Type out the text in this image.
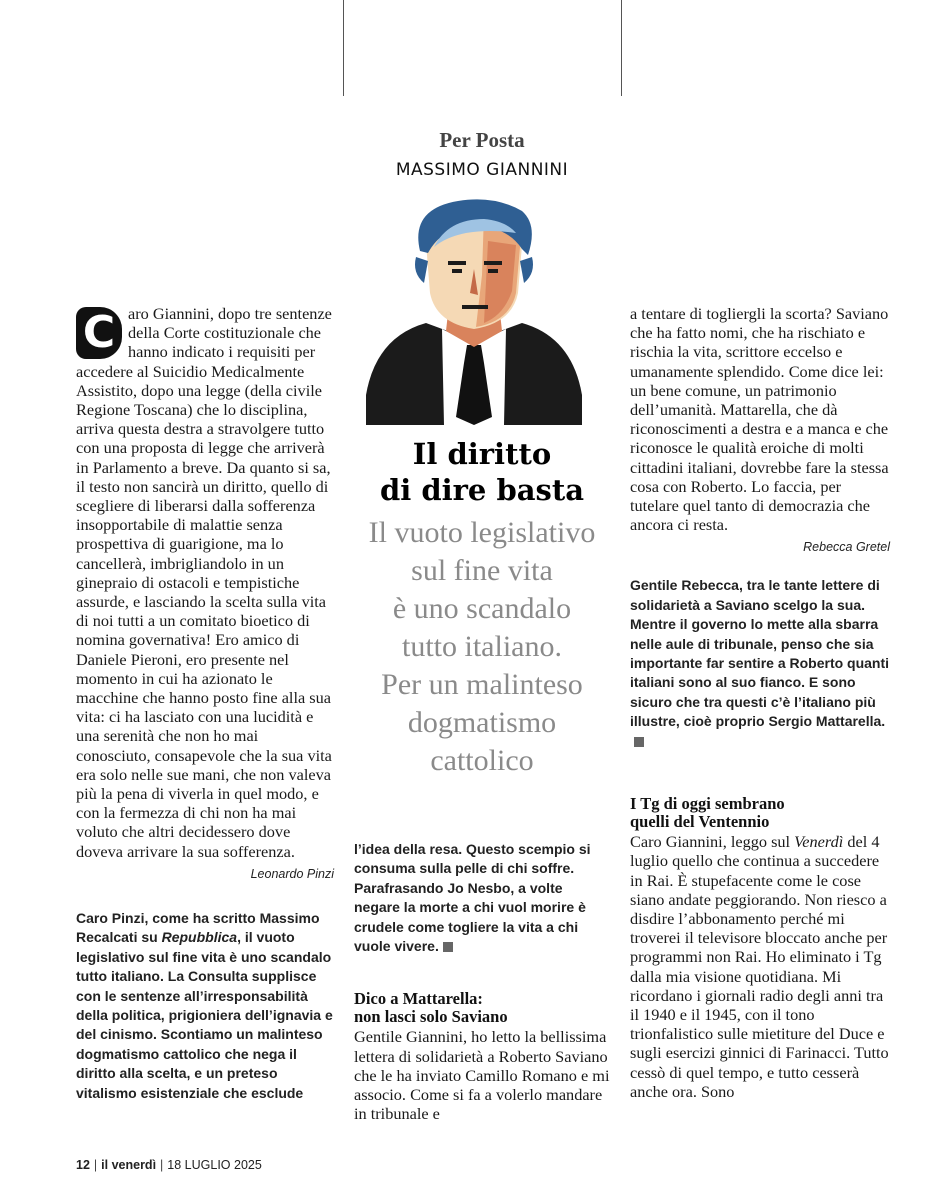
Per Posta
MASSIMO GIANNINI
Il diritto
di dire basta
Il vuoto legislativo
sul fine vita
è uno scandalo
tutto italiano.
Per un malinteso
dogmatismo
cattolico
C aro Giannini, dopo tre sentenze della Corte costituzionale che hanno indicato i requisiti per accedere al Suicidio Medicalmente Assistito, dopo una legge (della civile Regione Toscana) che lo disciplina, arriva questa destra a stravolgere tutto con una proposta di legge che arriverà in Parlamento a breve. Da quanto si sa, il testo non sancirà un diritto, quello di scegliere di liberarsi dalla sofferenza insopportabile di malattie senza prospettiva di guarigione, ma lo cancellerà, imbrigliandolo in un ginepraio di ostacoli e tempistiche assurde, e lasciando la scelta sulla vita di noi tutti a un comitato bioetico di nomina governativa! Ero amico di Daniele Pieroni, ero presente nel momento in cui ha azionato le macchine che hanno posto fine alla sua vita: ci ha lasciato con una lucidità e una serenità che non ho mai conosciuto, consapevole che la sua vita era solo nelle sue mani, che non valeva più la pena di viverla in quel modo, e con la fermezza di chi non ha mai voluto che altri decidessero dove doveva arrivare la sua sofferenza.
Leonardo Pinzi
Caro Pinzi, come ha scritto Massimo Recalcati su Repubblica, il vuoto legislativo sul fine vita è uno scandalo tutto italiano. La Consulta supplisce con le sentenze all’irresponsabilità della politica, prigioniera dell’ignavia e del cinismo. Scontiamo un malinteso dogmatismo cattolico che nega il diritto alla scelta, e un preteso vitalismo esistenziale che esclude
l’idea della resa. Questo scempio si consuma sulla pelle di chi soffre. Parafrasando Jo Nesbo, a volte negare la morte a chi vuol morire è crudele come togliere la vita a chi vuole vivere.
Dico a Mattarella:
non lasci solo Saviano
Gentile Giannini, ho letto la bellissima lettera di solidarietà a Roberto Saviano che le ha inviato Camillo Romano e mi associo. Come si fa a volerlo mandare in tribunale e
a tentare di togliergli la scorta? Saviano che ha fatto nomi, che ha rischiato e rischia la vita, scrittore eccelso e umanamente splendido. Come dice lei: un bene comune, un patrimonio dell’umanità. Mattarella, che dà riconoscimenti a destra e a manca e che riconosce le qualità eroiche di molti cittadini italiani, dovrebbe fare la stessa cosa con Roberto. Lo faccia, per tutelare quel tanto di democrazia che ancora ci resta.
Rebecca Gretel
Gentile Rebecca, tra le tante lettere di solidarietà a Saviano scelgo la sua. Mentre il governo lo mette alla sbarra nelle aule di tribunale, penso che sia importante far sentire a Roberto quanti italiani sono al suo fianco. E sono sicuro che tra questi c’è l’italiano più illustre, cioè proprio Sergio Mattarella.
I Tg di oggi sembrano
quelli del Ventennio
Caro Giannini, leggo sul Venerdì del 4 luglio quello che continua a succedere in Rai. È stupefacente come le cose siano andate peggiorando. Non riesco a disdire l’abbonamento perché mi troverei il televisore bloccato anche per programmi non Rai. Ho eliminato i Tg dalla mia visione quotidiana. Mi ricordano i giornali radio degli anni tra il 1940 e il 1945, con il tono trionfalistico sulle mietiture del Duce e sugli esercizi ginnici di Farinacci. Tutto cessò di quel tempo, e tutto cesserà anche ora. Sono
12 | il venerdì | 18 LUGLIO 2025
